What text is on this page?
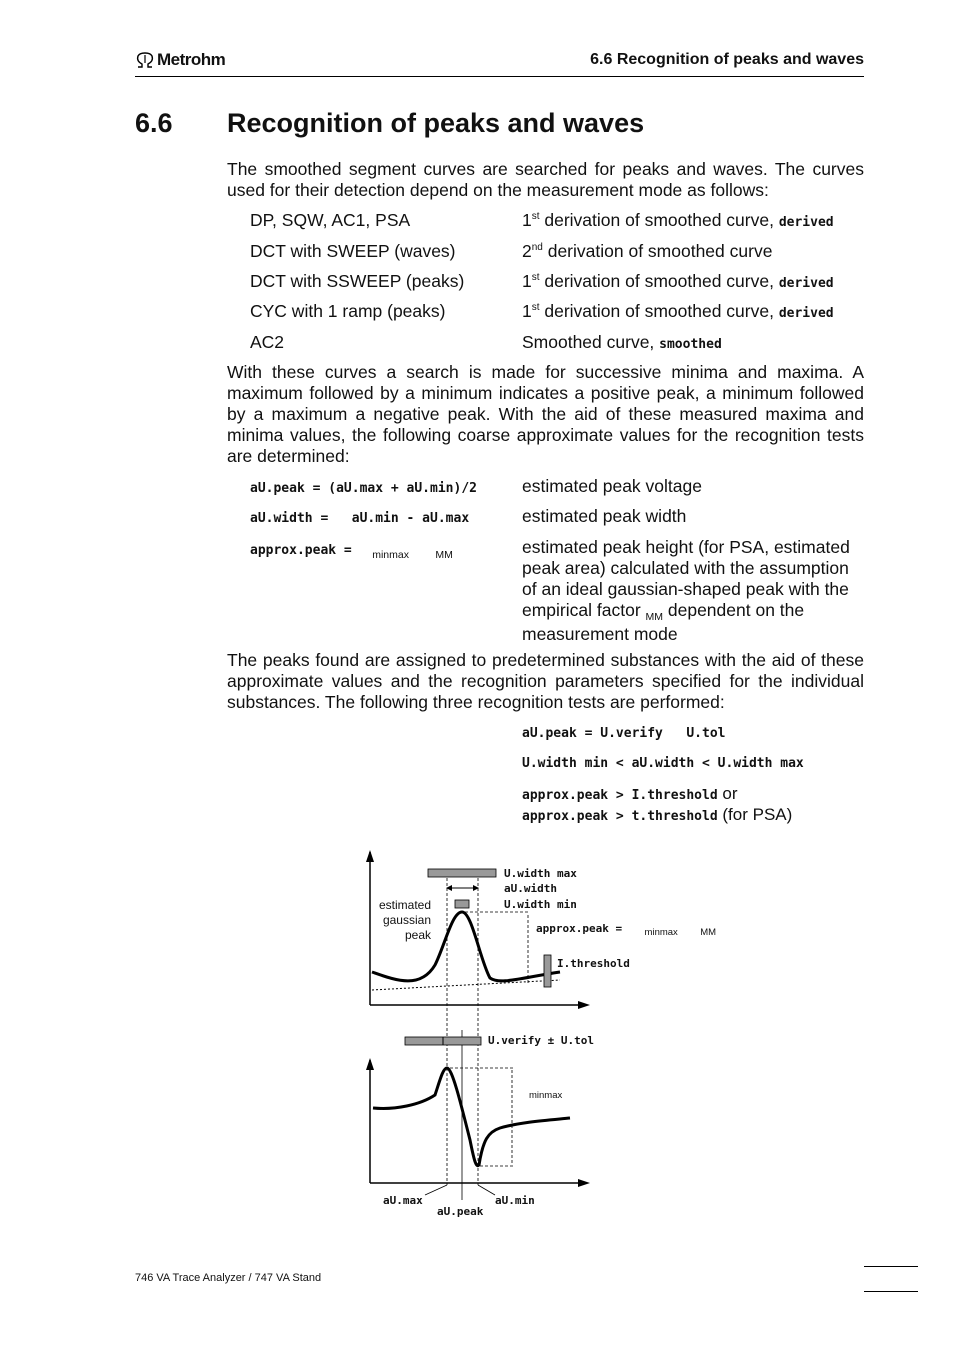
Metrohm	6.6 Recognition of peaks and waves
6.6 Recognition of peaks and waves
The smoothed segment curves are searched for peaks and waves. The curves used for their detection depend on the measurement mode as follows:
DP, SQW, AC1, PSA	1st derivation of smoothed curve, derived
DCT with SWEEP (waves)	2nd derivation of smoothed curve
DCT with SSWEEP (peaks)	1st derivation of smoothed curve, derived
CYC with 1 ramp (peaks)	1st derivation of smoothed curve, derived
AC2	Smoothed curve, smoothed
With these curves a search is made for successive minima and maxima. A maximum followed by a minimum indicates a positive peak, a minimum followed by a maximum a negative peak. With the aid of these measured maxima and minima values, the following coarse approximate values for the recognition tests are determined:
aU.peak = (aU.max + aU.min)/2	estimated peak voltage
aU.width =   aU.min - aU.max	estimated peak width
approx.peak = $_{minmax}$	$_{MM}$	estimated peak height (for PSA, estimated peak area) calculated with the assumption of an ideal gaussian-shaped peak with the empirical factor $_{MM}$ dependent on the measurement mode
The peaks found are assigned to predetermined substances with the aid of these approximate values and the recognition parameters specified for the individual substances. The following three recognition tests are performed:
aU.peak = U.verify   U.tol
U.width min < aU.width < U.width max
approx.peak > I.threshold or
approx.peak > t.threshold (for PSA)
U.width max
aU.width
U.width min
estimated
gaussian
peak	approx.peak = minmax MM
I.threshold
U.verify ± U.tol
minmax
aU.max	aU.min
aU.peak
746 VA Trace Analyzer / 747 VA Stand
